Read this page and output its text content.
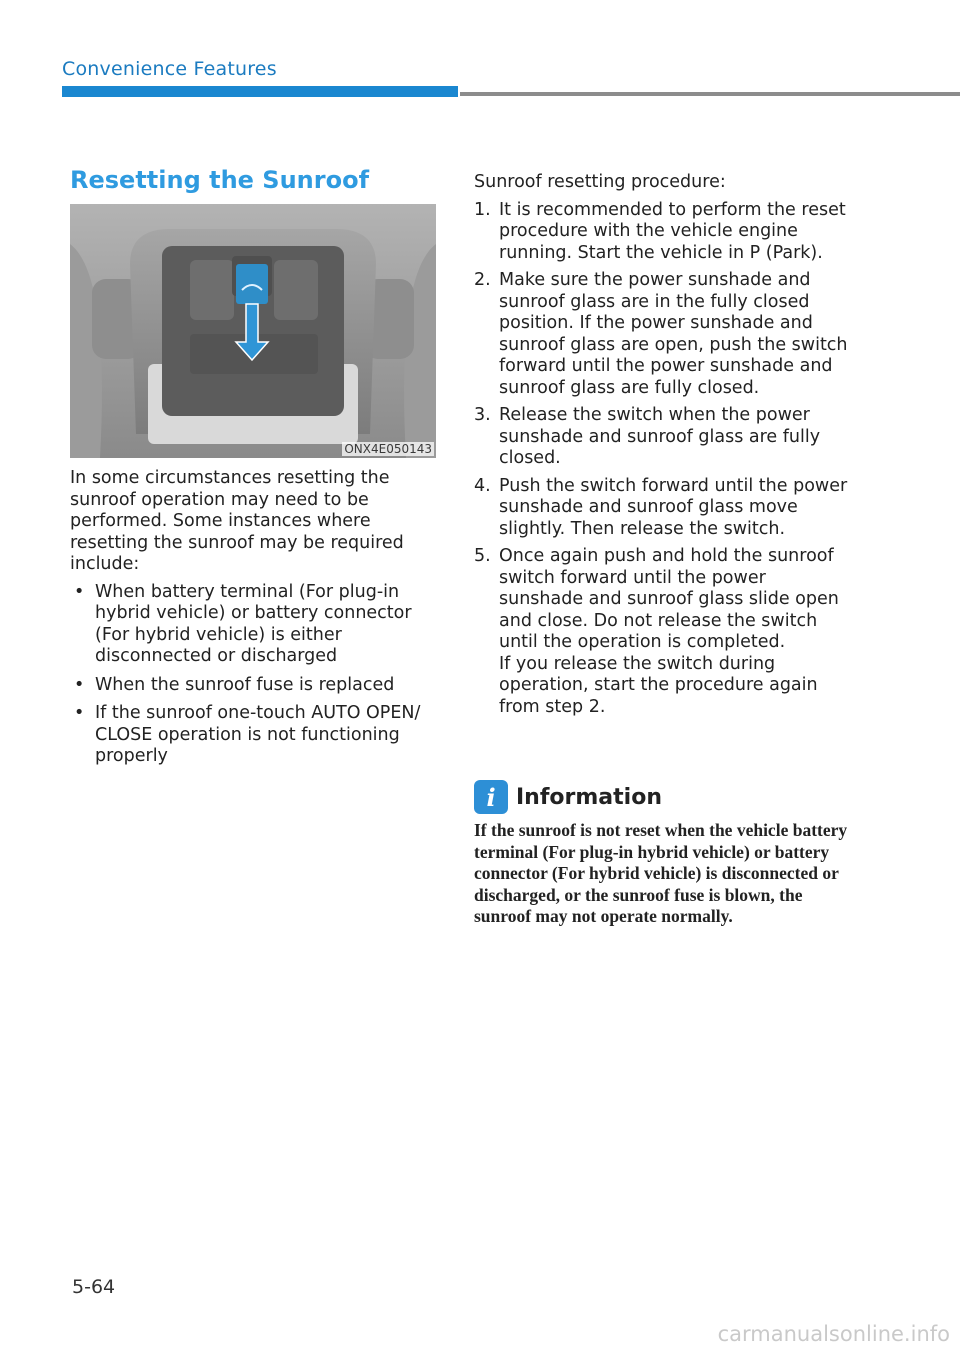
Convenience Features
Resetting the Sunroof
ONX4E050143

In some circumstances resetting the sunroof operation may need to be performed. Some instances where resetting the sunroof may be required include:

• When battery terminal (For plug-in hybrid vehicle) or battery connector (For hybrid vehicle) is either disconnected or discharged
• When the sunroof fuse is replaced
• If the sunroof one-touch AUTO OPEN/ CLOSE operation is not functioning properly

Sunroof resetting procedure:

1. It is recommended to perform the reset procedure with the vehicle engine running. Start the vehicle in P (Park).
2. Make sure the power sunshade and sunroof glass are in the fully closed position. If the power sunshade and sunroof glass are open, push the switch forward until the power sunshade and sunroof glass are fully closed.
3. Release the switch when the power sunshade and sunroof glass are fully closed.
4. Push the switch forward until the power sunshade and sunroof glass move slightly. Then release the switch.
5. Once again push and hold the sunroof switch forward until the power sunshade and sunroof glass slide open and close. Do not release the switch until the operation is completed.
If you release the switch during operation, start the procedure again from step 2.
i Information
If the sunroof is not reset when the vehicle battery terminal (For plug-in hybrid vehicle) or battery connector (For hybrid vehicle) is disconnected or discharged, or the sunroof fuse is blown, the sunroof may not operate normally.
5-64
carmanualsonline.info
